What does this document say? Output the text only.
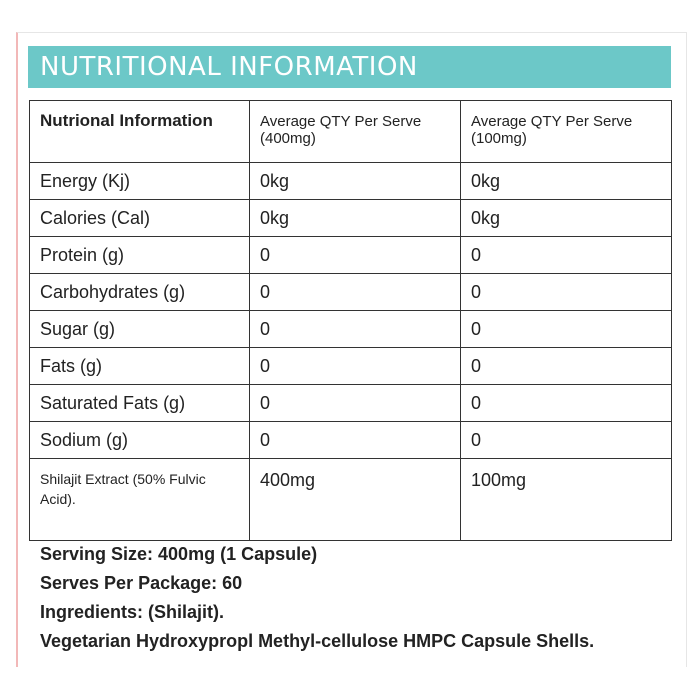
NUTRITIONAL INFORMATION
Nutrional Information	Average QTY Per Serve (400mg)	Average QTY Per Serve (100mg)
Energy (Kj)	0kg	0kg
Calories (Cal)	0kg	0kg
Protein (g)	0	0
Carbohydrates (g)	0	0
Sugar (g)	0	0
Fats (g)	0	0
Saturated Fats (g)	0	0
Sodium (g)	0	0
Shilajit Extract (50% Fulvic Acid).	400mg	100mg
Serving Size: 400mg (1 Capsule)
Serves Per Package: 60
Ingredients: (Shilajit).
Vegetarian Hydroxypropl Methyl-cellulose HMPC Capsule Shells.
